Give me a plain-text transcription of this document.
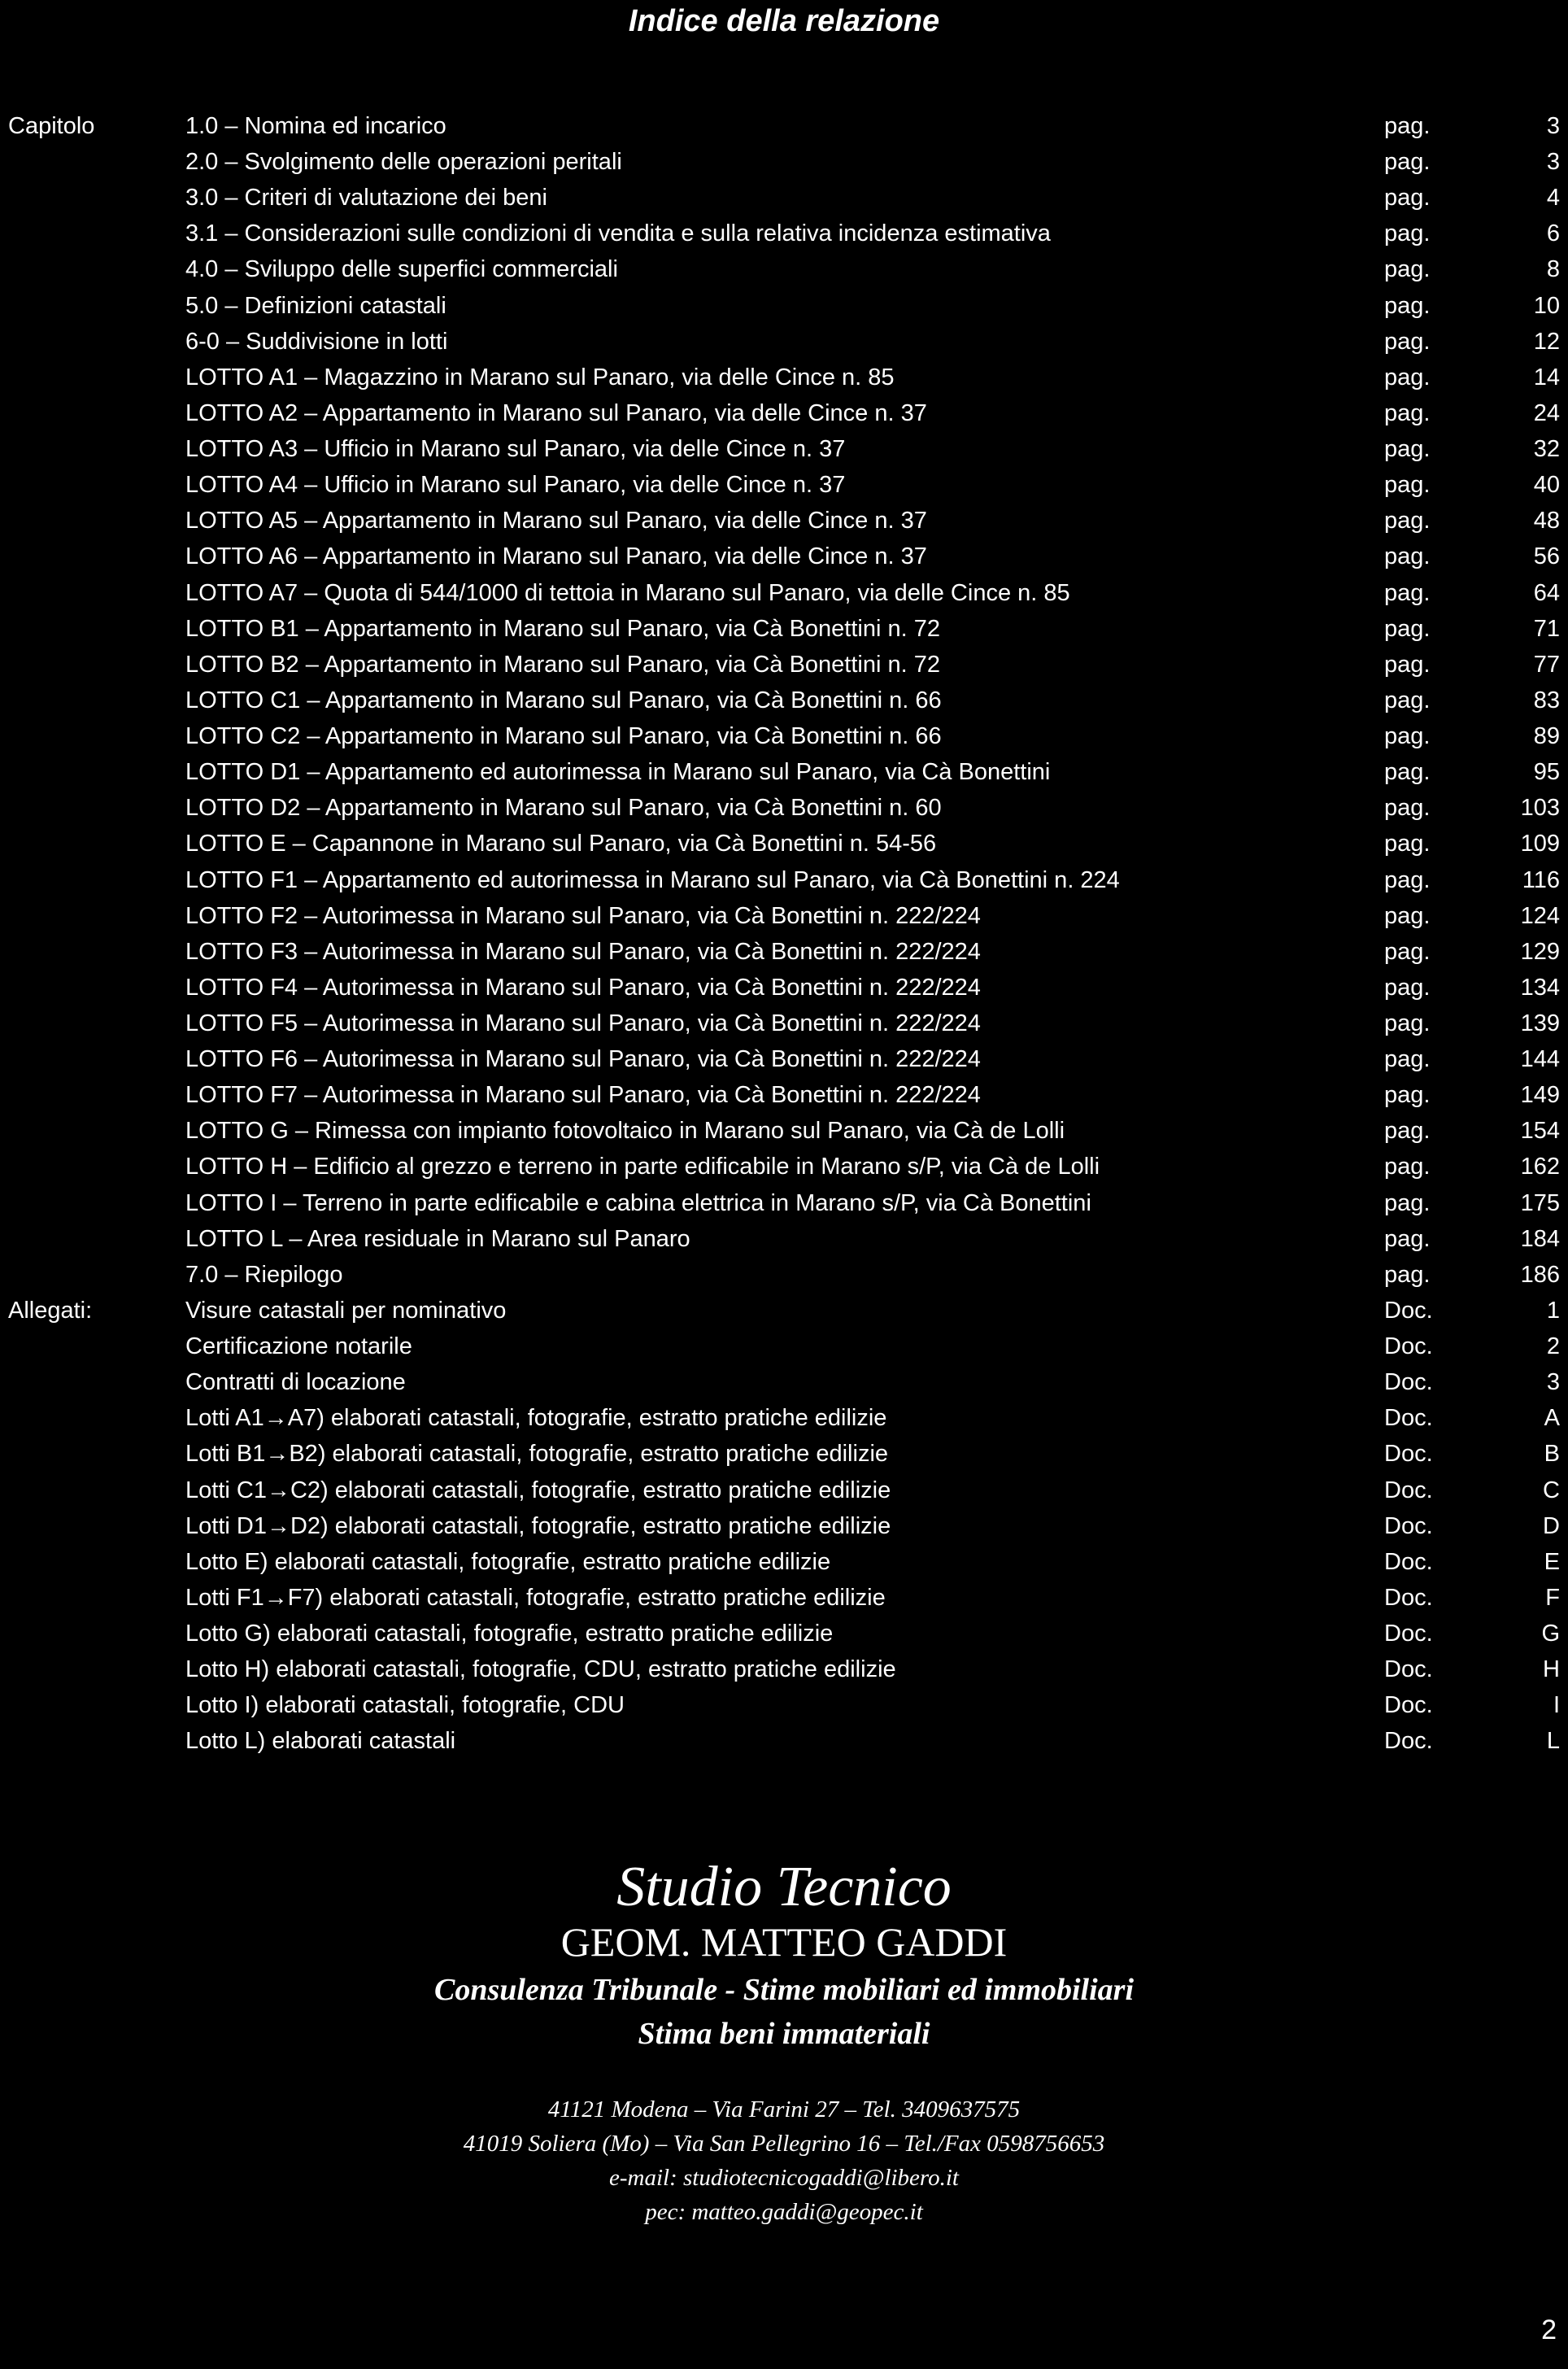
Indice della relazione
Capitolo	1.0 – Nomina ed incarico	pag.	3
2.0 – Svolgimento delle operazioni peritali	pag.	3
3.0 – Criteri di valutazione dei beni	pag.	4
3.1 – Considerazioni sulle condizioni di vendita e sulla relativa incidenza estimativa	pag.	6
4.0 – Sviluppo delle superfici commerciali	pag.	8
5.0 – Definizioni catastali	pag.	10
6-0 – Suddivisione in lotti	pag.	12
LOTTO A1 – Magazzino in Marano sul Panaro, via delle Cince n. 85	pag.	14
LOTTO A2 – Appartamento in Marano sul Panaro, via delle Cince n. 37	pag.	24
LOTTO A3 – Ufficio in Marano sul Panaro, via delle Cince n. 37	pag.	32
LOTTO A4 – Ufficio in Marano sul Panaro, via delle Cince n. 37	pag.	40
LOTTO A5 – Appartamento in Marano sul Panaro, via delle Cince n. 37	pag.	48
LOTTO A6 – Appartamento in Marano sul Panaro, via delle Cince n. 37	pag.	56
LOTTO A7 – Quota di 544/1000 di tettoia in Marano sul Panaro, via delle Cince n. 85	pag.	64
LOTTO B1 – Appartamento in Marano sul Panaro, via Cà Bonettini n. 72	pag.	71
LOTTO B2 – Appartamento in Marano sul Panaro, via Cà Bonettini n. 72	pag.	77
LOTTO C1 – Appartamento in Marano sul Panaro, via Cà Bonettini n. 66	pag.	83
LOTTO C2 – Appartamento in Marano sul Panaro, via Cà Bonettini n. 66	pag.	89
LOTTO D1 – Appartamento ed autorimessa in Marano sul Panaro, via Cà Bonettini	pag.	95
LOTTO D2 – Appartamento in Marano sul Panaro, via Cà Bonettini n. 60	pag.	103
LOTTO E – Capannone in Marano sul Panaro, via Cà Bonettini n. 54-56	pag.	109
LOTTO F1 – Appartamento ed autorimessa in Marano sul Panaro, via Cà Bonettini n. 224	pag.	116
LOTTO F2 – Autorimessa in Marano sul Panaro, via Cà Bonettini n. 222/224	pag.	124
LOTTO F3 – Autorimessa in Marano sul Panaro, via Cà Bonettini n. 222/224	pag.	129
LOTTO F4 – Autorimessa in Marano sul Panaro, via Cà Bonettini n. 222/224	pag.	134
LOTTO F5 – Autorimessa in Marano sul Panaro, via Cà Bonettini n. 222/224	pag.	139
LOTTO F6 – Autorimessa in Marano sul Panaro, via Cà Bonettini n. 222/224	pag.	144
LOTTO F7 – Autorimessa in Marano sul Panaro, via Cà Bonettini n. 222/224	pag.	149
LOTTO G – Rimessa con impianto fotovoltaico in Marano sul Panaro, via Cà de Lolli	pag.	154
LOTTO H – Edificio al grezzo e terreno in parte edificabile in Marano s/P, via Cà de Lolli	pag.	162
LOTTO I – Terreno in parte edificabile e cabina elettrica in Marano s/P, via Cà Bonettini	pag.	175
LOTTO L – Area residuale in Marano sul Panaro	pag.	184
7.0 – Riepilogo	pag.	186
Allegati:	Visure catastali per nominativo	Doc.	1
Certificazione notarile	Doc.	2
Contratti di locazione	Doc.	3
Lotti A1→A7) elaborati catastali, fotografie, estratto pratiche edilizie	Doc.	A
Lotti B1→B2) elaborati catastali, fotografie, estratto pratiche edilizie	Doc.	B
Lotti C1→C2) elaborati catastali, fotografie, estratto pratiche edilizie	Doc.	C
Lotti D1→D2) elaborati catastali, fotografie, estratto pratiche edilizie	Doc.	D
Lotto E) elaborati catastali, fotografie, estratto pratiche edilizie	Doc.	E
Lotti F1→F7) elaborati catastali, fotografie, estratto pratiche edilizie	Doc.	F
Lotto G) elaborati catastali, fotografie, estratto pratiche edilizie	Doc.	G
Lotto H) elaborati catastali, fotografie, CDU, estratto pratiche edilizie	Doc.	H
Lotto I) elaborati catastali, fotografie, CDU	Doc.	I
Lotto L) elaborati catastali	Doc.	L
Studio Tecnico
GEOM. MATTEO GADDI
Consulenza Tribunale - Stime mobiliari ed immobiliari
Stima beni immateriali
41121 Modena – Via Farini 27 – Tel. 3409637575
41019 Soliera (Mo) – Via San Pellegrino 16 – Tel./Fax 0598756653
e-mail: studiotecnicogaddi@libero.it
pec: matteo.gaddi@geopec.it
2
